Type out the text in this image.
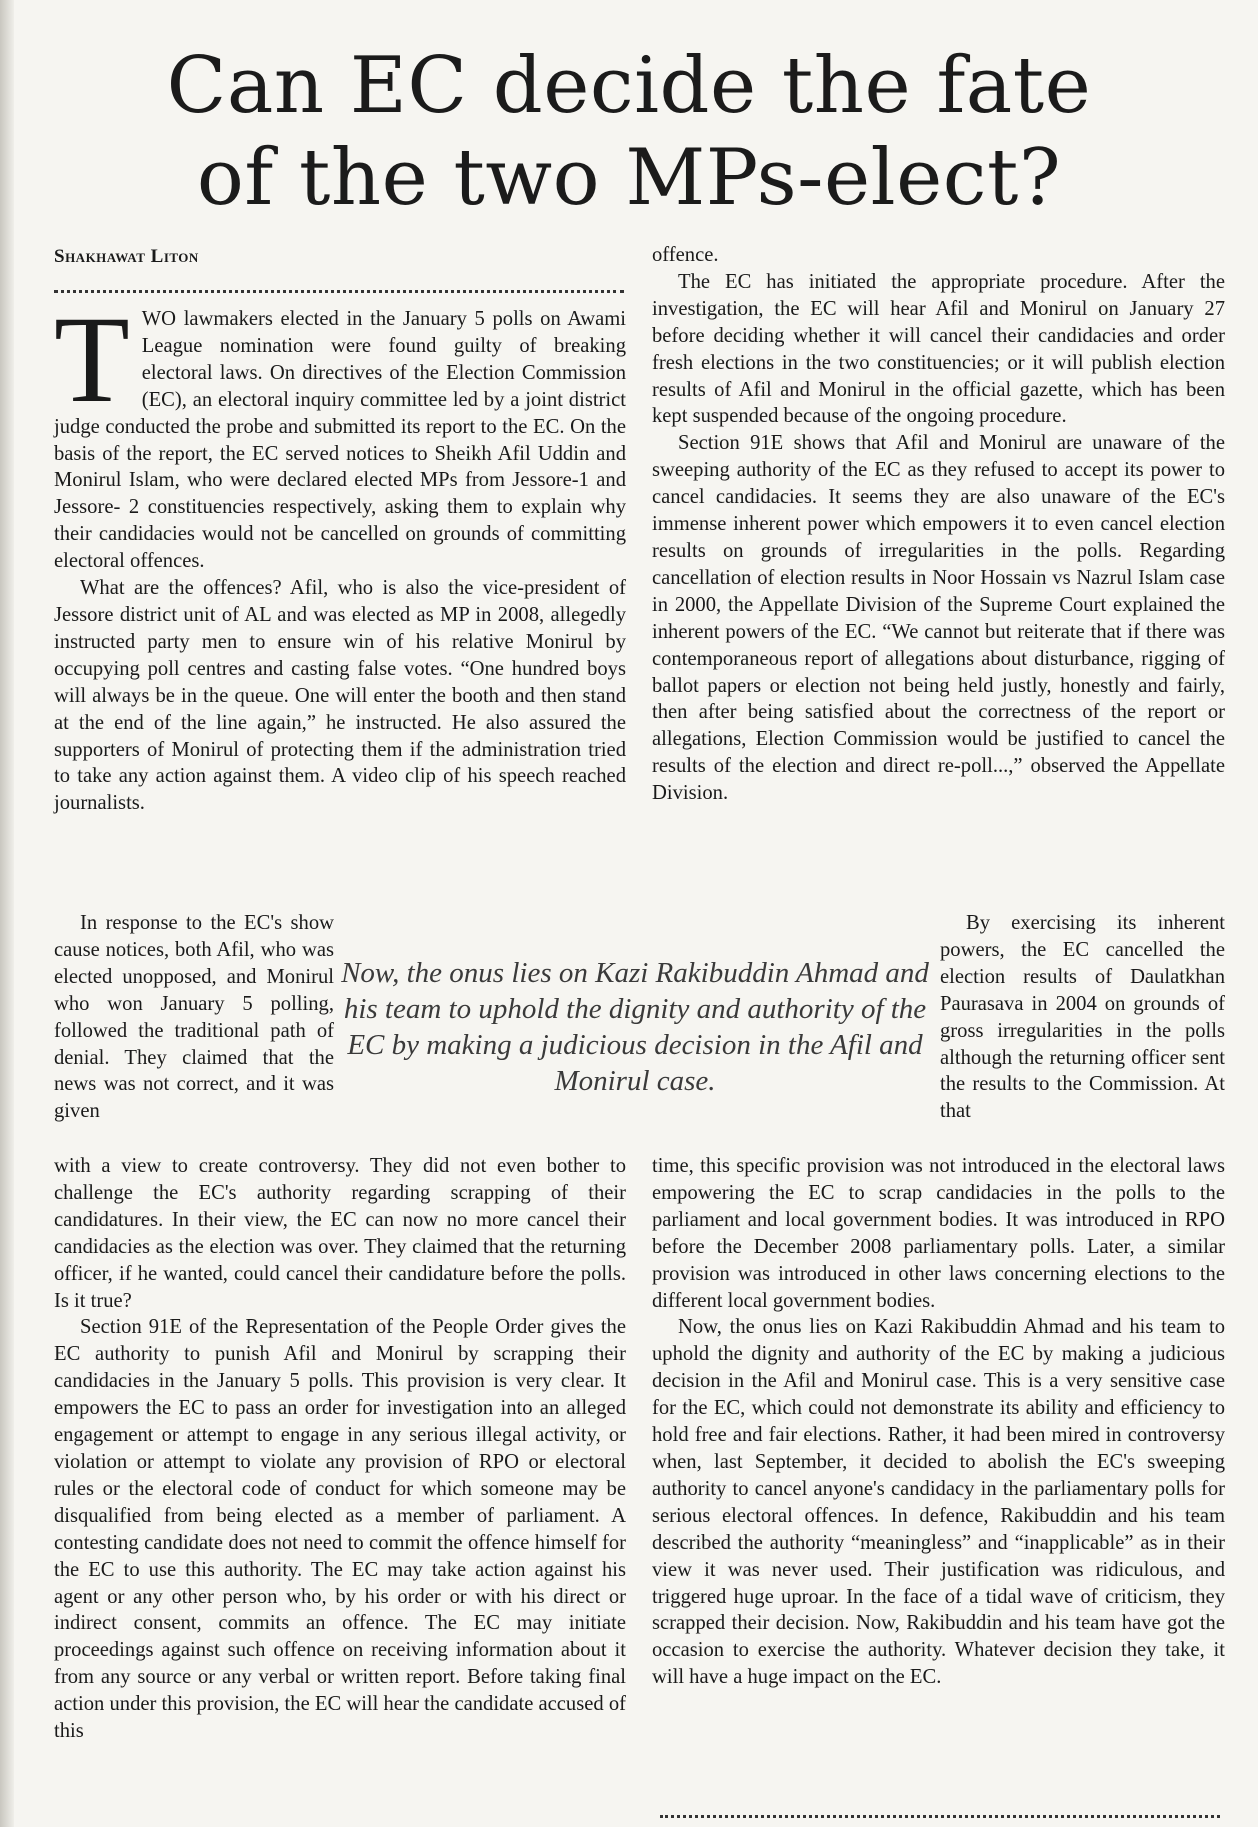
Can EC decide the fate
of the two MPs-elect?
Shakhawat Liton

TWO lawmakers elected in the January 5 polls on Awami League nomination were found guilty of breaking electoral laws. On directives of the Election Commission (EC), an electoral inquiry committee led by a joint district judge conducted the probe and submitted its report to the EC. On the basis of the report, the EC served notices to Sheikh Afil Uddin and Monirul Islam, who were declared elected MPs from Jessore-1 and Jessore- 2 constituencies respectively, asking them to explain why their candidacies would not be cancelled on grounds of committing electoral offences.

What are the offences? Afil, who is also the vice-president of Jessore district unit of AL and was elected as MP in 2008, allegedly instructed party men to ensure win of his relative Monirul by occupying poll centres and casting false votes. “One hundred boys will always be in the queue. One will enter the booth and then stand at the end of the line again,” he instructed. He also assured the supporters of Monirul of protecting them if the administration tried to take any action against them. A video clip of his speech reached journalists.

In response to the EC's show cause notices, both Afil, who was elected unopposed, and Monirul who won January 5 polling, followed the traditional path of denial. They claimed that the news was not correct, and it was given

Now, the onus lies on Kazi Rakibuddin Ahmad and his team to uphold the dignity and authority of the EC by making a judicious decision in the Afil and Monirul case.

By exercising its inherent powers, the EC cancelled the election results of Daulatkhan Paurasava in 2004 on grounds of gross irregularities in the polls although the returning officer sent the results to the Commission. At that

with a view to create controversy. They did not even bother to challenge the EC's authority regarding scrapping of their candidatures. In their view, the EC can now no more cancel their candidacies as the election was over. They claimed that the returning officer, if he wanted, could cancel their candidature before the polls. Is it true?

Section 91E of the Representation of the People Order gives the EC authority to punish Afil and Monirul by scrapping their candidacies in the January 5 polls. This provision is very clear. It empowers the EC to pass an order for investigation into an alleged engagement or attempt to engage in any serious illegal activity, or violation or attempt to violate any provision of RPO or electoral rules or the electoral code of conduct for which someone may be disqualified from being elected as a member of parliament. A contesting candidate does not need to commit the offence himself for the EC to use this authority. The EC may take action against his agent or any other person who, by his order or with his direct or indirect consent, commits an offence. The EC may initiate proceedings against such offence on receiving information about it from any source or any verbal or written report. Before taking final action under this provision, the EC will hear the candidate accused of this

offence.

The EC has initiated the appropriate procedure. After the investigation, the EC will hear Afil and Monirul on January 27 before deciding whether it will cancel their candidacies and order fresh elections in the two constituencies; or it will publish election results of Afil and Monirul in the official gazette, which has been kept suspended because of the ongoing procedure.

Section 91E shows that Afil and Monirul are unaware of the sweeping authority of the EC as they refused to accept its power to cancel candidacies. It seems they are also unaware of the EC's immense inherent power which empowers it to even cancel election results on grounds of irregularities in the polls. Regarding cancellation of election results in Noor Hossain vs Nazrul Islam case in 2000, the Appellate Division of the Supreme Court explained the inherent powers of the EC. “We cannot but reiterate that if there was contemporaneous report of allegations about disturbance, rigging of ballot papers or election not being held justly, honestly and fairly, then after being satisfied about the correctness of the report or allegations, Election Commission would be justified to cancel the results of the election and direct re-poll...,” observed the Appellate Division.

time, this specific provision was not introduced in the electoral laws empowering the EC to scrap candidacies in the polls to the parliament and local government bodies. It was introduced in RPO before the December 2008 parliamentary polls. Later, a similar provision was introduced in other laws concerning elections to the different local government bodies.

Now, the onus lies on Kazi Rakibuddin Ahmad and his team to uphold the dignity and authority of the EC by making a judicious decision in the Afil and Monirul case. This is a very sensitive case for the EC, which could not demonstrate its ability and efficiency to hold free and fair elections. Rather, it had been mired in controversy when, last September, it decided to abolish the EC's sweeping authority to cancel anyone's candidacy in the parliamentary polls for serious electoral offences. In defence, Rakibuddin and his team described the authority “meaningless” and “inapplicable” as in their view it was never used. Their justification was ridiculous, and triggered huge uproar. In the face of a tidal wave of criticism, they scrapped their decision. Now, Rakibuddin and his team have got the occasion to exercise the authority. Whatever decision they take, it will have a huge impact on the EC.
